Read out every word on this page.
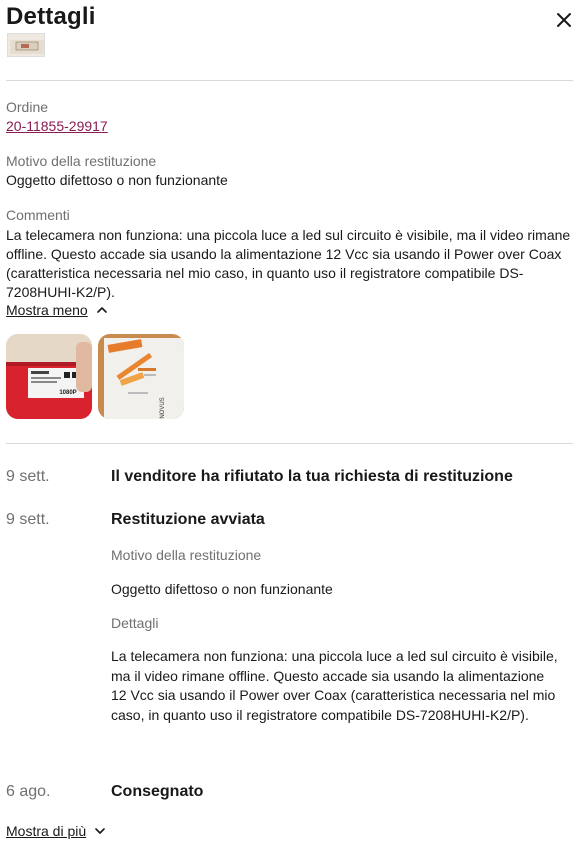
Dettagli
Ordine
20-11855-29917
Motivo della restituzione
Oggetto difettoso o non funzionante
Commenti
La telecamera non funziona: una piccola luce a led sul circuito è visibile, ma il video rimane offline. Questo accade sia usando la alimentazione 12 Vcc sia usando il Power over Coax (caratteristica necessaria nel mio caso, in quanto uso il registratore compatibile DS-7208HUHI-K2/P).
Mostra meno
1080P
NOVUS
9 sett.	Il venditore ha rifiutato la tua richiesta di restituzione
9 sett.	Restituzione avviata
Motivo della restituzione
Oggetto difettoso o non funzionante
Dettagli
La telecamera non funziona: una piccola luce a led sul circuito è visibile, ma il video rimane offline. Questo accade sia usando la alimentazione 12 Vcc sia usando il Power over Coax (caratteristica necessaria nel mio caso, in quanto uso il registratore compatibile DS-7208HUHI-K2/P).
6 ago.	Consegnato
Mostra di più
